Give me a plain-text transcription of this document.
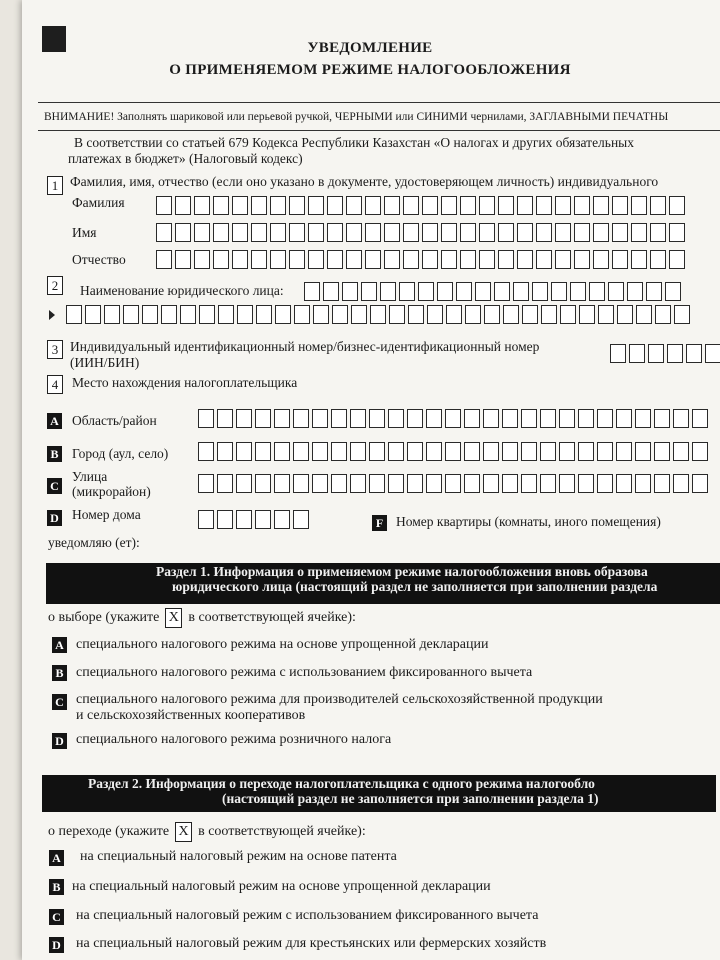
УВЕДОМЛЕНИЕ
О ПРИМЕНЯЕМОМ РЕЖИМЕ НАЛОГООБЛОЖЕНИЯ
ВНИМАНИЕ! Заполнять шариковой или перьевой ручкой, ЧЕРНЫМИ или СИНИМИ чернилами, ЗАГЛАВНЫМИ ПЕЧАТНЫ
В соответствии со статьей 679 Кодекса Республики Казахстан «О налогах и других обязательных
платежах в бюджет» (Налоговый кодекс)
1 Фамилия, имя, отчество (если оно указано в документе, удостоверяющем личность) индивидуального
Фамилия
Имя
Отчество
2	Наименование юридического лица:
3 Индивидуальный идентификационный номер/бизнес-идентификационный номер
(ИИН/БИН)
4	Место нахождения налогоплательщика
A Область/район
B Город (аул, село)
C
Улица
(микрорайон)
D Номер дома
F Номер квартиры (комнаты, иного помещения)
уведомляю (ет):
Раздел 1. Информация о применяемом режиме налогообложения вновь образова
юридического лица (настоящий раздел не заполняется при заполнении раздела
о выборе (укажите X в соответствующей ячейке):
A специального налогового режима на основе упрощенной декларации
B специального налогового режима с использованием фиксированного вычета
C специального налогового режима для производителей сельскохозяйственной продукции
и сельскохозяйственных кооперативов
D специального налогового режима розничного налога
Раздел 2. Информация о переходе налогоплательщика с одного режима налогообло
(настоящий раздел не заполняется при заполнении раздела 1)
о переходе (укажите X в соответствующей ячейке):
A на специальный налоговый режим на основе патента
B на специальный налоговый режим на основе упрощенной декларации
C на специальный налоговый режим с использованием фиксированного вычета
D на специальный налоговый режим для крестьянских или фермерских хозяйств
